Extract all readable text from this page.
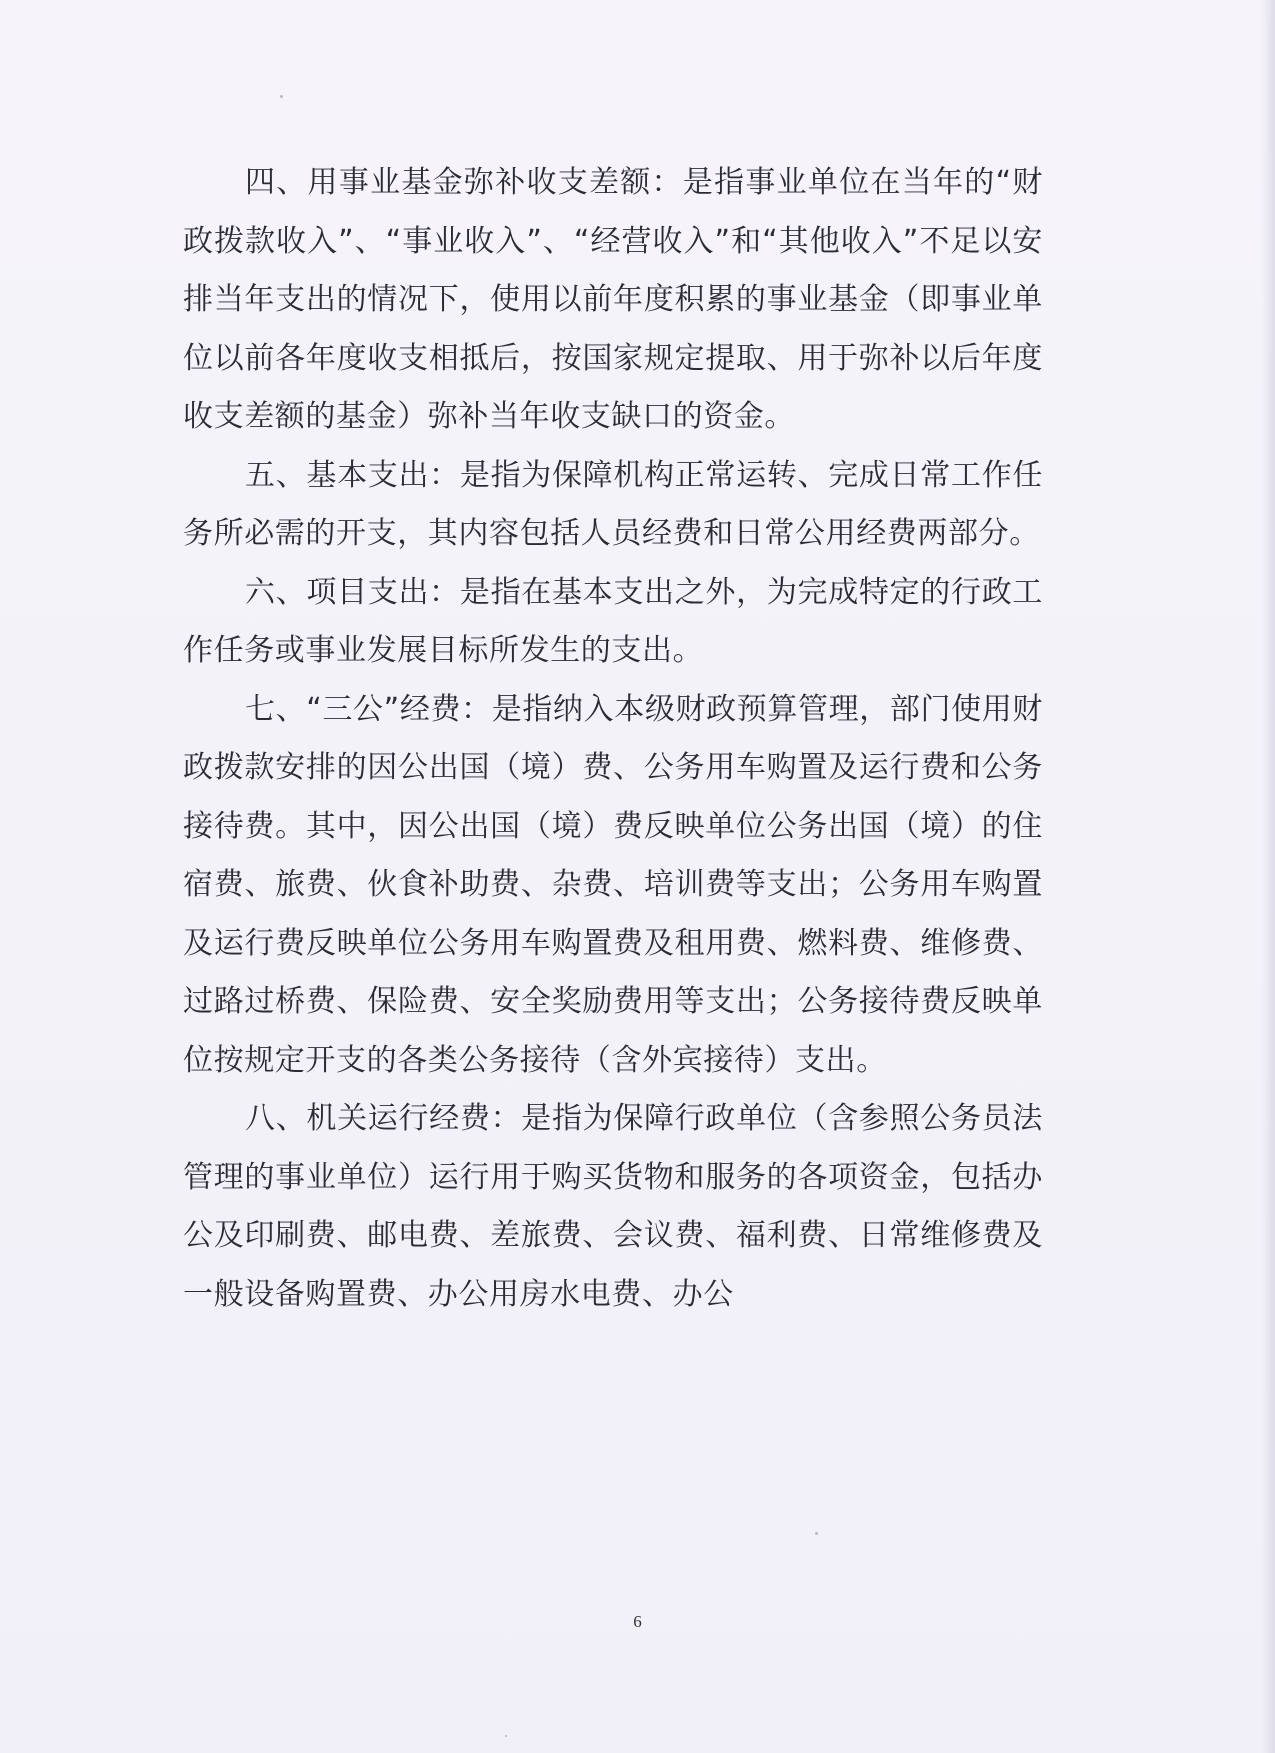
四、用事业基金弥补收支差额：是指事业单位在当年的“财政拨款收入”、“事业收入”、“经营收入”和“其他收入”不足以安排当年支出的情况下，使用以前年度积累的事业基金（即事业单位以前各年度收支相抵后，按国家规定提取、用于弥补以后年度收支差额的基金）弥补当年收支缺口的资金。

五、基本支出：是指为保障机构正常运转、完成日常工作任务所必需的开支，其内容包括人员经费和日常公用经费两部分。

六、项目支出：是指在基本支出之外，为完成特定的行政工作任务或事业发展目标所发生的支出。

七、“三公”经费：是指纳入本级财政预算管理，部门使用财政拨款安排的因公出国（境）费、公务用车购置及运行费和公务接待费。其中，因公出国（境）费反映单位公务出国（境）的住宿费、旅费、伙食补助费、杂费、培训费等支出；公务用车购置及运行费反映单位公务用车购置费及租用费、燃料费、维修费、过路过桥费、保险费、安全奖励费用等支出；公务接待费反映单位按规定开支的各类公务接待（含外宾接待）支出。

八、机关运行经费：是指为保障行政单位（含参照公务员法管理的事业单位）运行用于购买货物和服务的各项资金，包括办公及印刷费、邮电费、差旅费、会议费、福利费、日常维修费及一般设备购置费、办公用房水电费、办公

6
